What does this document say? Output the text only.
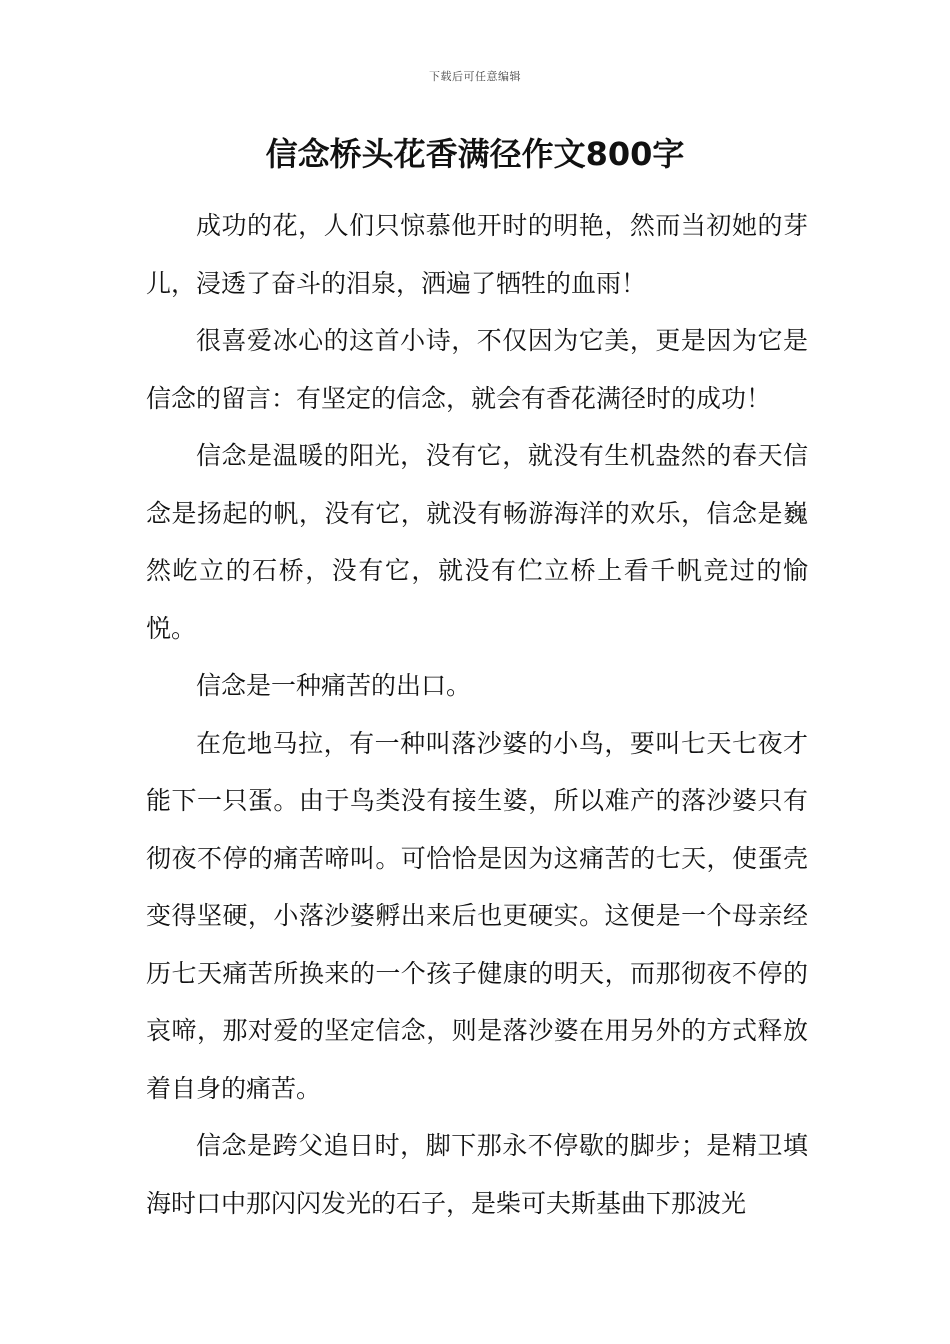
下载后可任意编辑
信念桥头花香满径作文800字

成功的花，人们只惊慕他开时的明艳，然而当初她的芽儿，浸透了奋斗的泪泉，洒遍了牺牲的血雨！

很喜爱冰心的这首小诗，不仅因为它美，更是因为它是信念的留言：有坚定的信念，就会有香花满径时的成功！

信念是温暖的阳光，没有它，就没有生机盎然的春天信念是扬起的帆，没有它，就没有畅游海洋的欢乐，信念是巍然屹立的石桥，没有它，就没有伫立桥上看千帆竞过的愉悦。

信念是一种痛苦的出口。

在危地马拉，有一种叫落沙婆的小鸟，要叫七天七夜才能下一只蛋。由于鸟类没有接生婆，所以难产的落沙婆只有彻夜不停的痛苦啼叫。可恰恰是因为这痛苦的七天，使蛋壳变得坚硬，小落沙婆孵出来后也更硬实。这便是一个母亲经历七天痛苦所换来的一个孩子健康的明天，而那彻夜不停的哀啼，那对爱的坚定信念，则是落沙婆在用另外的方式释放着自身的痛苦。

信念是跨父追日时，脚下那永不停歇的脚步；是精卫填海时口中那闪闪发光的石子，是柴可夫斯基曲下那波光
